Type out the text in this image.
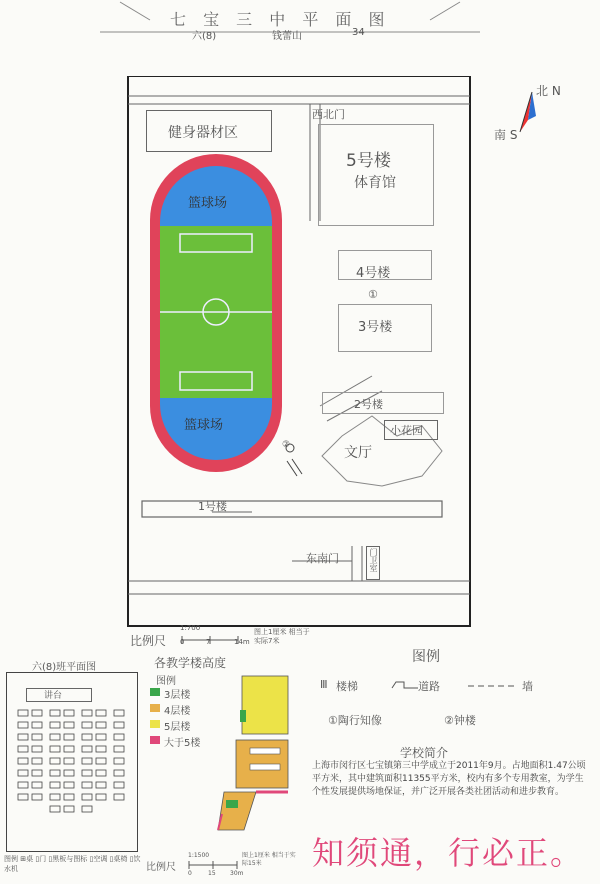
七 宝 三 中 平 面 图
六(8)	钱蕾山	34
北 N
南 S
健身器材区
篮球场
篮球场
西北门
5号楼
体育馆
4号楼
①
3号楼
2号楼
小花园
文厅
1号楼
东南门	门卫室
②
比例尺
1:700
0	7	14m
图上1厘米 相当于实际7米
六(8)班平面图
讲台
图例 ⊞桌 ▯门 ▯黑板与图标 ▯空调 ▯桌椅 ▯饮水机
各教学楼高度
图例
3层楼
4层楼
5层楼
大于5楼
比例尺
1:1500
0	15 30m
图上1厘米 相当于实际15米
图例
Ⅲ 楼梯	道路	墙
①陶行知像	②钟楼
学校简介
上海市闵行区七宝镇第三中学成立于2011年9月。占地面积1.47公顷平方米，其中建筑面积11355平方米，校内有多个专用教室，为学生个性发展提供场地保证，并广泛开展各类社团活动和进步教育。
知须通，行必正。
